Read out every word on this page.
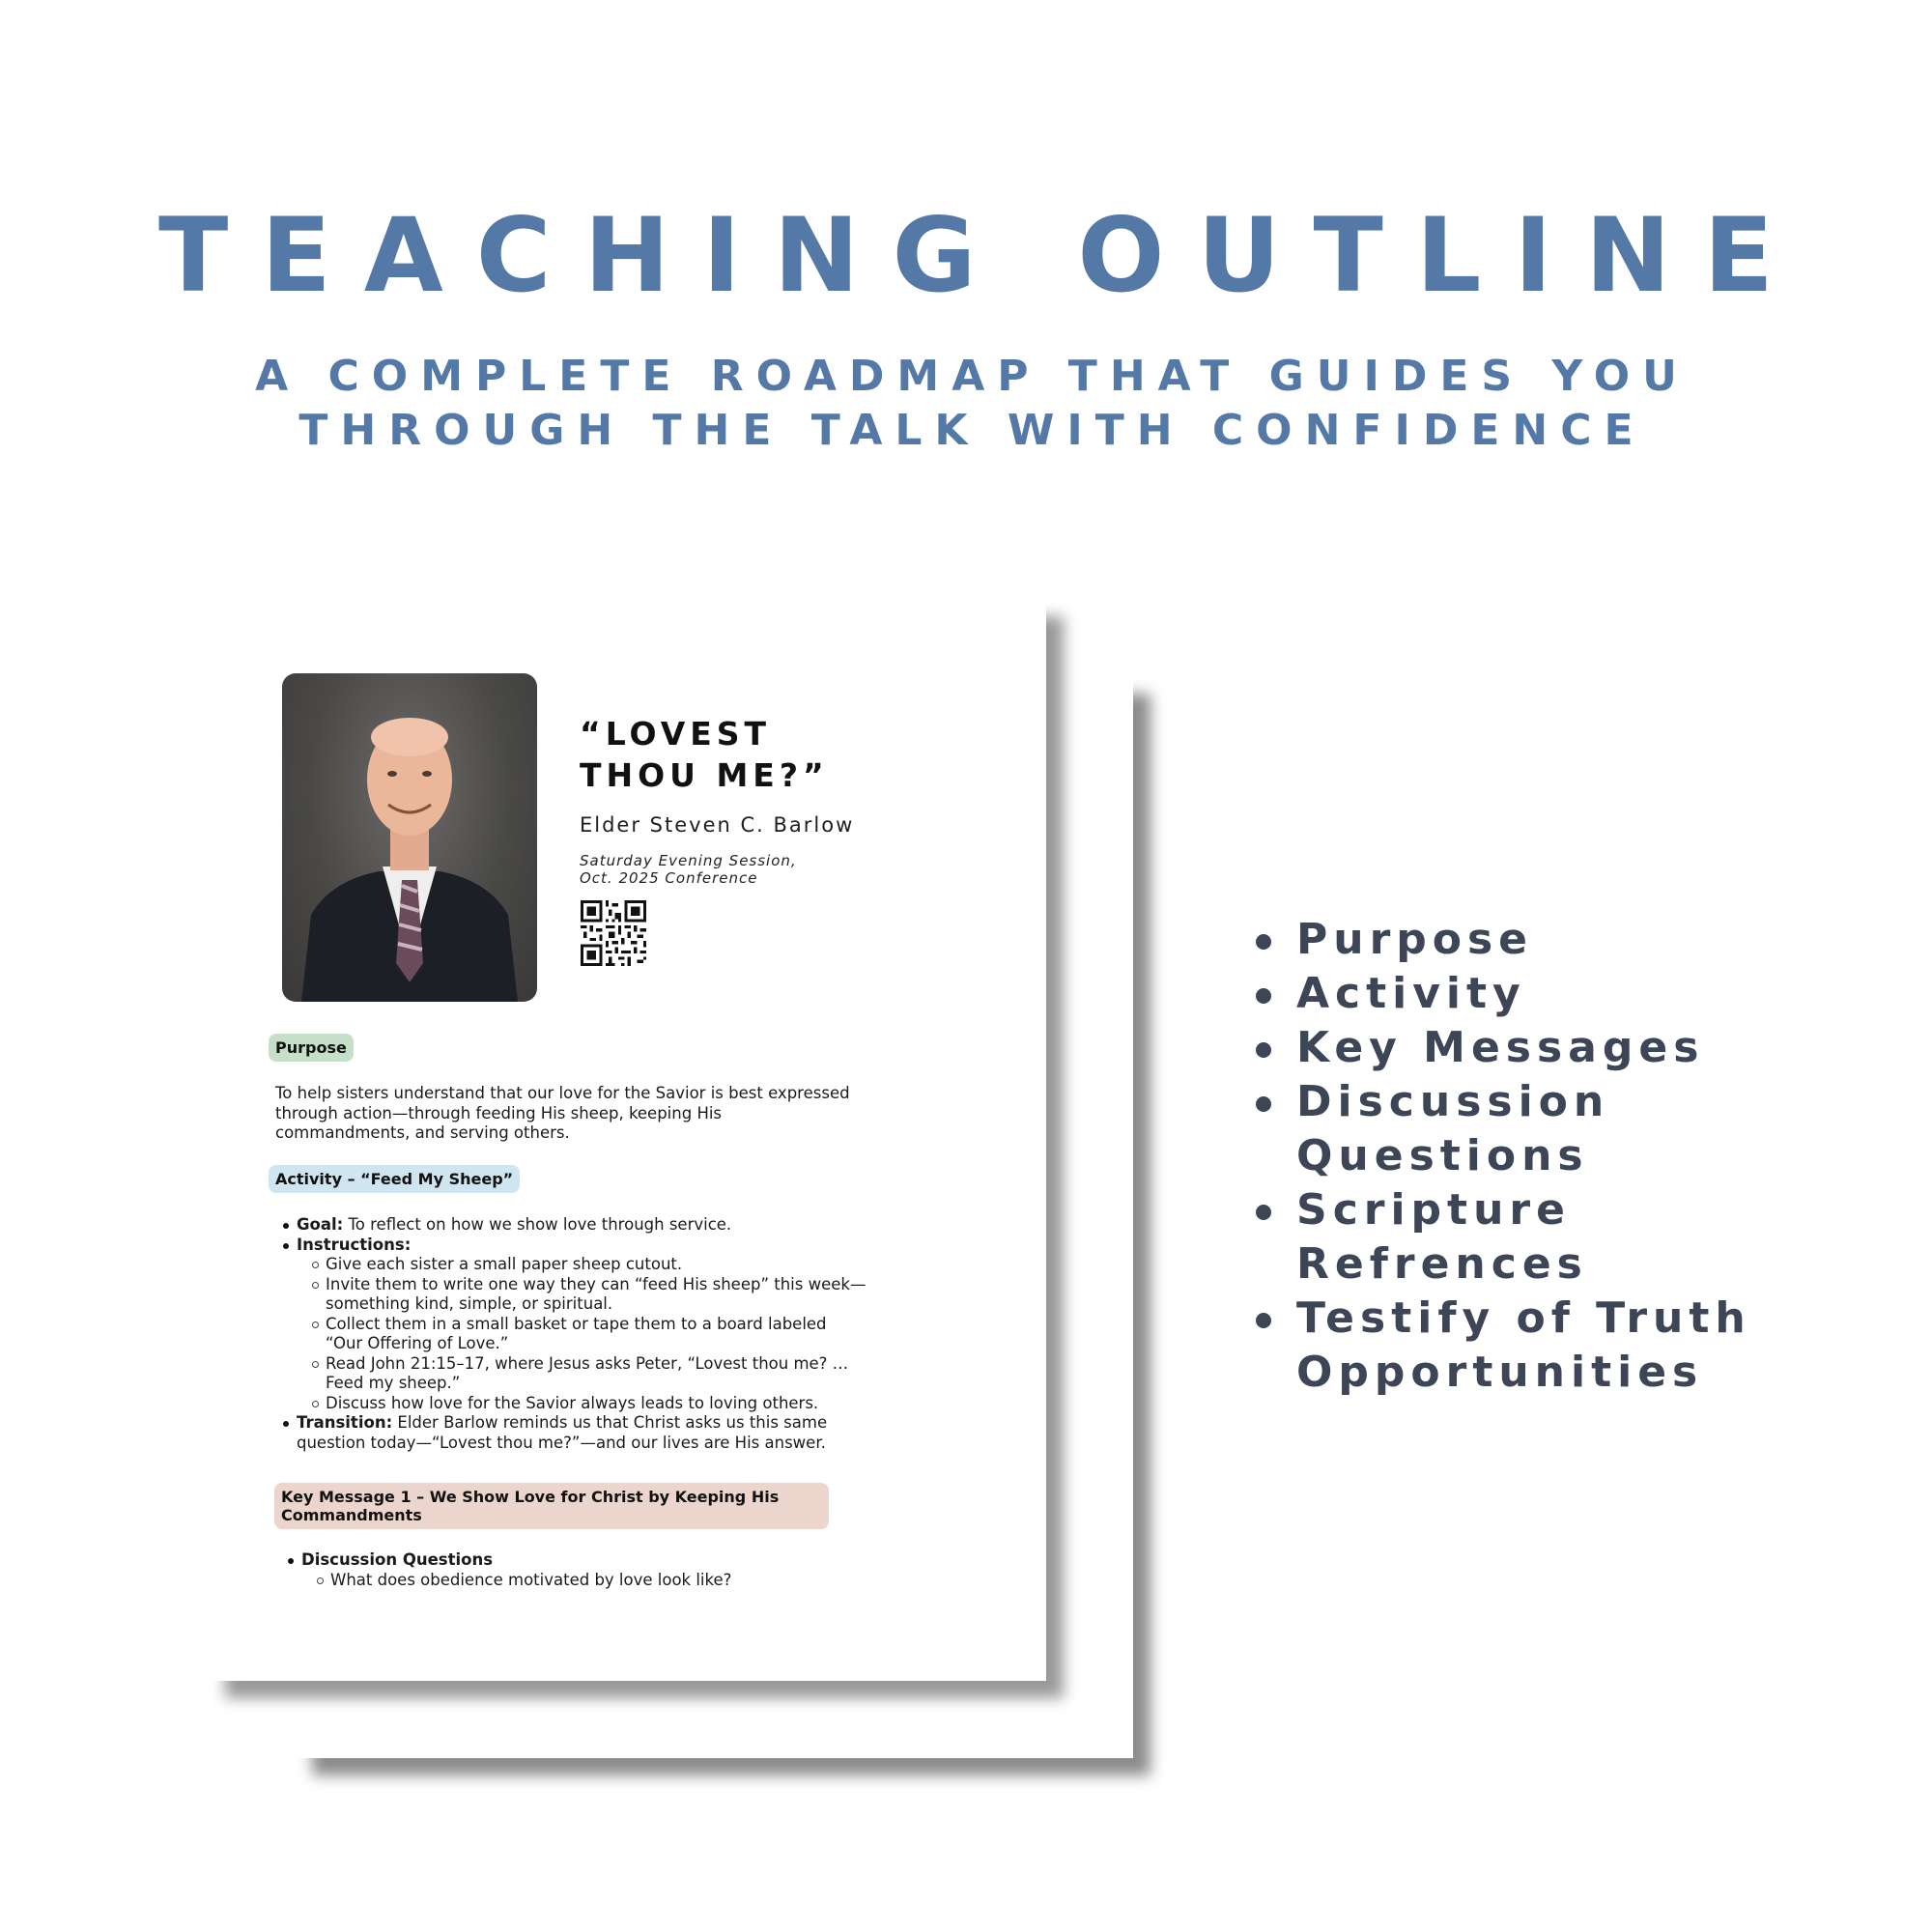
TEACHING OUTLINE
A COMPLETE ROADMAP THAT GUIDES YOU
THROUGH THE TALK WITH CONFIDENCE
“LOVEST
THOU ME?”
Elder Steven C. Barlow
Saturday Evening Session,
Oct. 2025 Conference
Purpose
To help sisters understand that our love for the Savior is best expressed
through action—through feeding His sheep, keeping His
commandments, and serving others.
Activity – “Feed My Sheep”
Goal: To reflect on how we show love through service.
Instructions:
Give each sister a small paper sheep cutout.
Invite them to write one way they can “feed His sheep” this week—
something kind, simple, or spiritual.
Collect them in a small basket or tape them to a board labeled
“Our Offering of Love.”
Read John 21:15–17, where Jesus asks Peter, “Lovest thou me? …
Feed my sheep.”
Discuss how love for the Savior always leads to loving others.
Transition: Elder Barlow reminds us that Christ asks us this same
question today—“Lovest thou me?”—and our lives are His answer.
Key Message 1 – We Show Love for Christ by Keeping His Commandments
Discussion Questions
What does obedience motivated by love look like?
Purpose
Activity
Key Messages
Discussion
Questions
Scripture
Refrences
Testify of Truth
Opportunities
